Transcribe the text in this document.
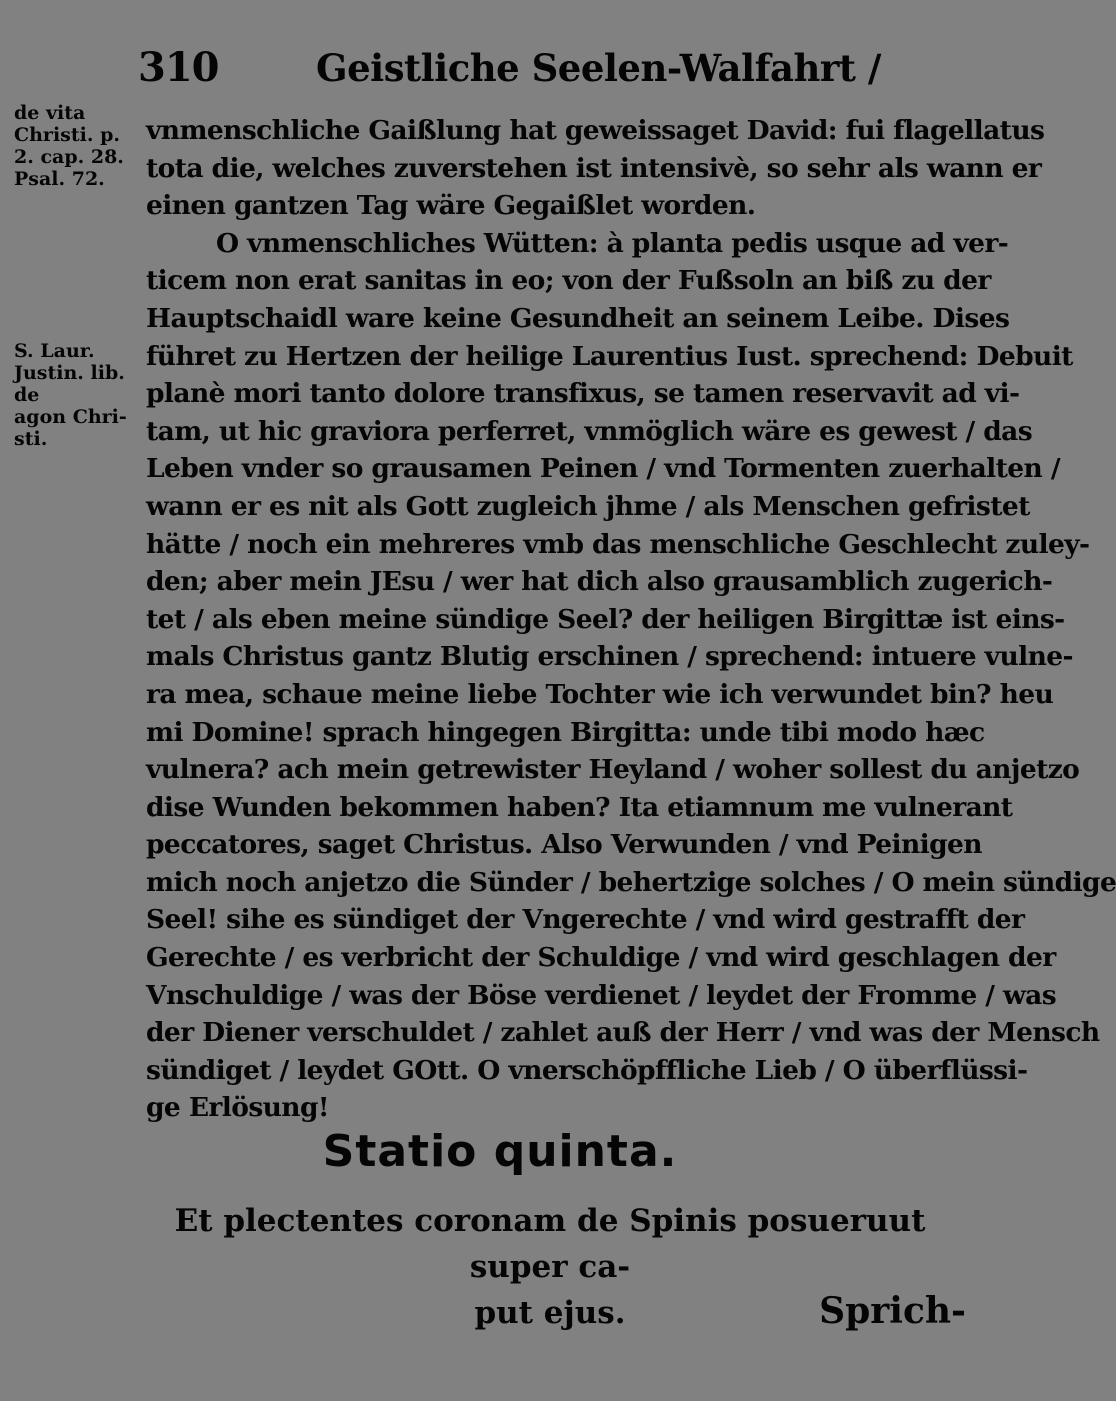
310	Geistliche Seelen-Walfahrt /

de vita

Christi. p.

2. cap. 28.

Psal. 72.

S. Laur.

Justin. lib.

de

agon Chri-

sti.

vnmenschliche Gaißlung hat geweissaget David: fui flagellatus
tota die, welches zuverstehen ist intensivè, so sehr als wann er
einen gantzen Tag wäre Gegaißlet worden.
O vnmenschliches Wütten: à planta pedis usque ad ver-
ticem non erat sanitas in eo; von der Fußsoln an biß zu der
Hauptschaidl ware keine Gesundheit an seinem Leibe. Dises
führet zu Hertzen der heilige Laurentius Iust. sprechend: Debuit
planè mori tanto dolore transfixus, se tamen reservavit ad vi-
tam, ut hic graviora perferret, vnmöglich wäre es gewest / das
Leben vnder so grausamen Peinen / vnd Tormenten zuerhalten /
wann er es nit als Gott zugleich jhme / als Menschen gefristet
hätte / noch ein mehreres vmb das menschliche Geschlecht zuley-
den; aber mein JEsu / wer hat dich also grausamblich zugerich-
tet / als eben meine sündige Seel? der heiligen Birgittæ ist eins-
mals Christus gantz Blutig erschinen / sprechend: intuere vulne-
ra mea, schaue meine liebe Tochter wie ich verwundet bin? heu
mi Domine! sprach hingegen Birgitta: unde tibi modo hæc
vulnera? ach mein getrewister Heyland / woher sollest du anjetzo
dise Wunden bekommen haben? Ita etiamnum me vulnerant
peccatores, saget Christus. Also Verwunden / vnd Peinigen
mich noch anjetzo die Sünder / behertzige solches / O mein sündige
Seel! sihe es sündiget der Vngerechte / vnd wird gestrafft der
Gerechte / es verbricht der Schuldige / vnd wird geschlagen der
Vnschuldige / was der Böse verdienet / leydet der Fromme / was
der Diener verschuldet / zahlet auß der Herr / vnd was der Mensch
sündiget / leydet GOtt. O vnerschöpffliche Lieb / O überflüssi-
ge Erlösung!
Statio quinta.
Et plectentes coronam de Spinis posueruut super ca-
put ejus.	Sprich-
